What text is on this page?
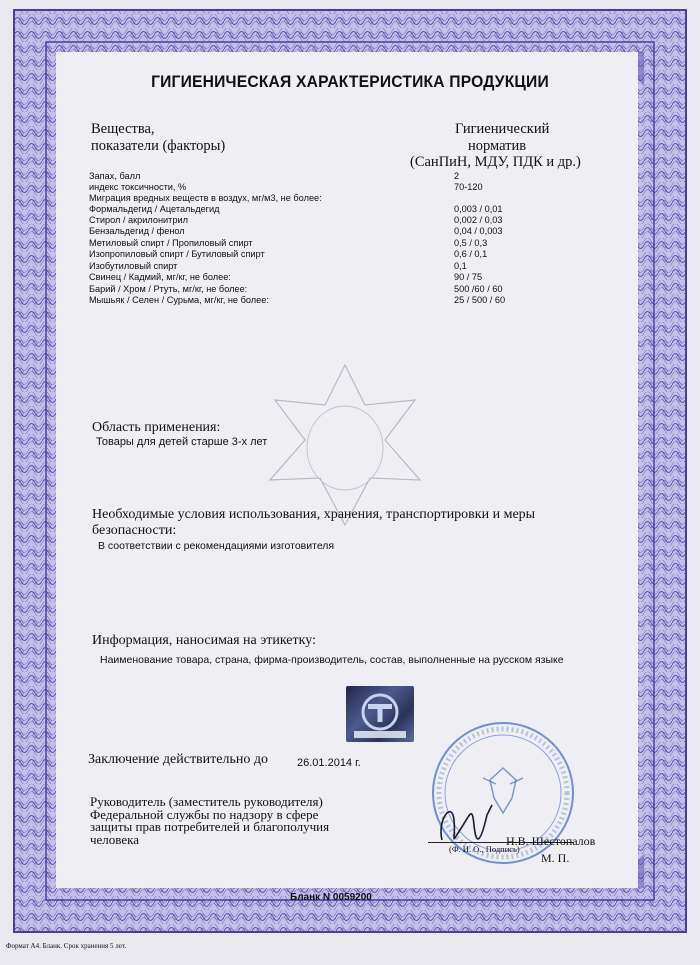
ГИГИЕНИЧЕСКАЯ ХАРАКТЕРИСТИКА ПРОДУКЦИИ
Вещества,
показатели (факторы)
Гигиенический
норматив
(СанПиН, МДУ, ПДК и др.)
Запах, балл	2
индекс токсичности, %	70-120
Миграция вредных веществ в воздух, мг/м3, не более:
Формальдегид / Ацетальдегид	0,003 / 0,01
Стирол / акрилонитрил	0,002 / 0,03
Бензальдегид / фенол	0,04 / 0,003
Метиловый спирт / Пропиловый спирт	0,5 / 0,3
Изопропиловый спирт / Бутиловый спирт	0,6 / 0,1
Изобутиловый спирт	0,1
Свинец / Кадмий, мг/кг, не более:	90 / 75
Барий / Хром / Ртуть, мг/кг, не более:	500 /60 / 60
Мышьяк / Селен / Сурьма, мг/кг, не более:	25 / 500 / 60
Область применения:
Товары для детей старше 3-х лет
Необходимые условия использования, хранения, транспортировки и меры
безопасности:
В соответствии с рекомендациями изготовителя
Информация, наносимая на этикетку:
Наименование товара, страна, фирма-производитель, состав, выполненные на русском языке
Заключение действительно до	26.01.2014 г.
Руководитель (заместитель руководителя)
Федеральной службы по надзору в сфере
защиты прав потребителей и благополучия
человека	Н.В. Шестопалов
(Ф. И. О., Подпись)
М. П.
Бланк N 0059200
Формат А4. Бланк. Срок хранения 5 лет.
